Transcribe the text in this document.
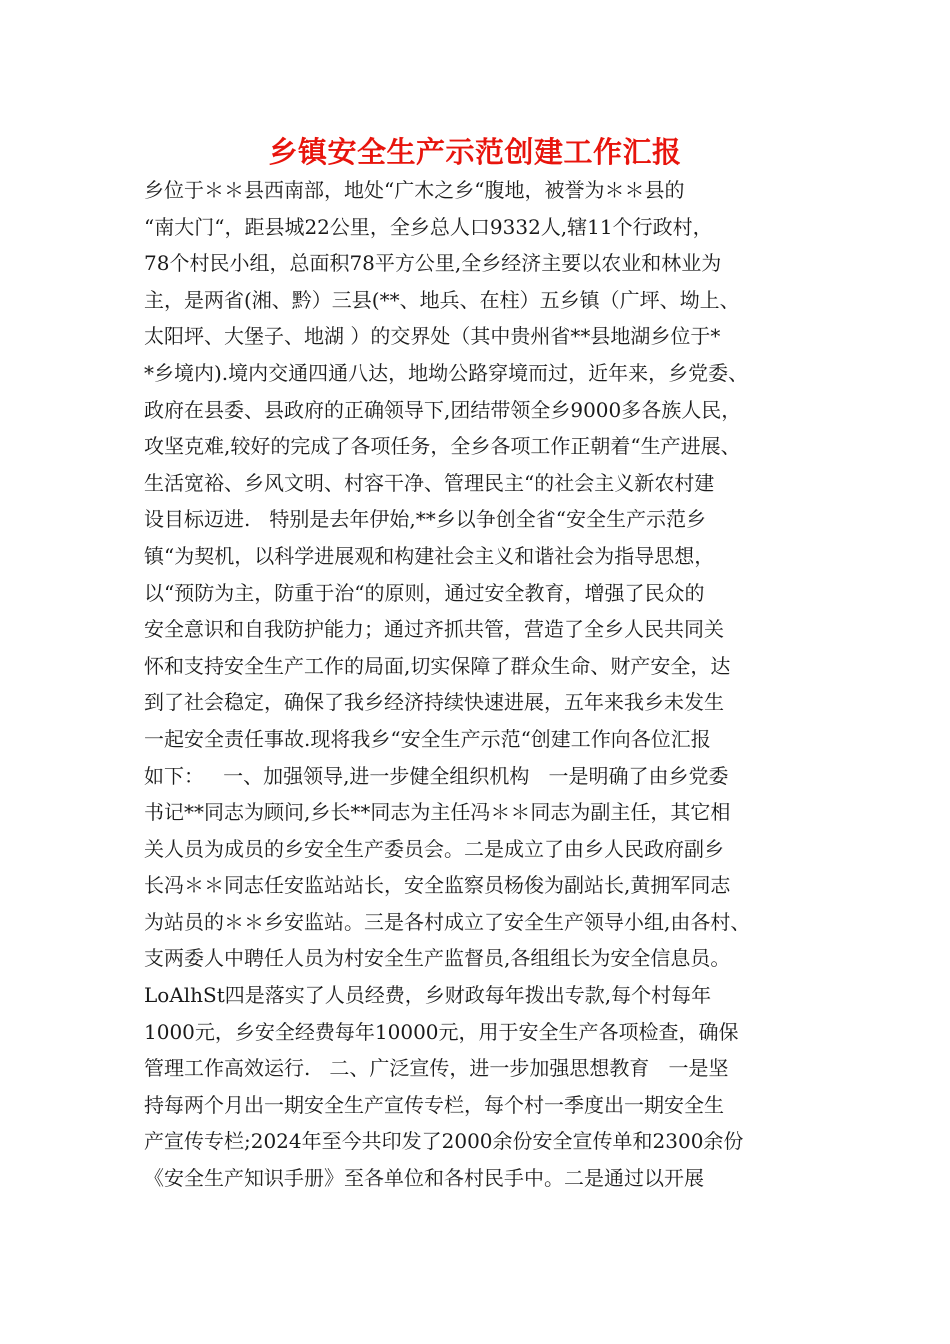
乡镇安全生产示范创建工作汇报
乡位于＊＊县西南部，地处“广木之乡“腹地，被誉为＊＊县的
“南大门“，距县城22公里，全乡总人口9332人,辖11个行政村，
78个村民小组，总面积78平方公里,全乡经济主要以农业和林业为
主，是两省(湘、黔）三县(**、地兵、在柱）五乡镇（广坪、坳上、
太阳坪、大堡子、地湖 ）的交界处（其中贵州省**县地湖乡位于*
*乡境内).境内交通四通八达，地坳公路穿境而过，近年来，乡党委、
政府在县委、县政府的正确领导下,团结带领全乡9000多各族人民，
攻坚克难,较好的完成了各项任务，全乡各项工作正朝着“生产进展、
生活宽裕、乡风文明、村容干净、管理民主“的社会主义新农村建
设目标迈进.   特别是去年伊始,**乡以争创全省“安全生产示范乡
镇“为契机，以科学进展观和构建社会主义和谐社会为指导思想，
以“预防为主，防重于治“的原则，通过安全教育，增强了民众的
安全意识和自我防护能力；通过齐抓共管，营造了全乡人民共同关
怀和支持安全生产工作的局面,切实保障了群众生命、财产安全，达
到了社会稳定，确保了我乡经济持续快速进展，五年来我乡未发生
一起安全责任事故.现将我乡“安全生产示范“创建工作向各位汇报
如下：   一、加强领导,进一步健全组织机构   一是明确了由乡党委
书记**同志为顾问,乡长**同志为主任冯＊＊同志为副主任，其它相
关人员为成员的乡安全生产委员会。二是成立了由乡人民政府副乡
长冯＊＊同志任安监站站长，安全监察员杨俊为副站长,黄拥军同志
为站员的＊＊乡安监站。三是各村成立了安全生产领导小组,由各村、
支两委人中聘任人员为村安全生产监督员,各组组长为安全信息员。
LoAlhSt四是落实了人员经费，乡财政每年拨出专款,每个村每年
1000元，乡安全经费每年10000元，用于安全生产各项检查，确保
管理工作高效运行.   二、广泛宣传，进一步加强思想教育   一是坚
持每两个月出一期安全生产宣传专栏，每个村一季度出一期安全生
产宣传专栏;2024年至今共印发了2000余份安全宣传单和2300余份
《安全生产知识手册》至各单位和各村民手中。二是通过以开展
